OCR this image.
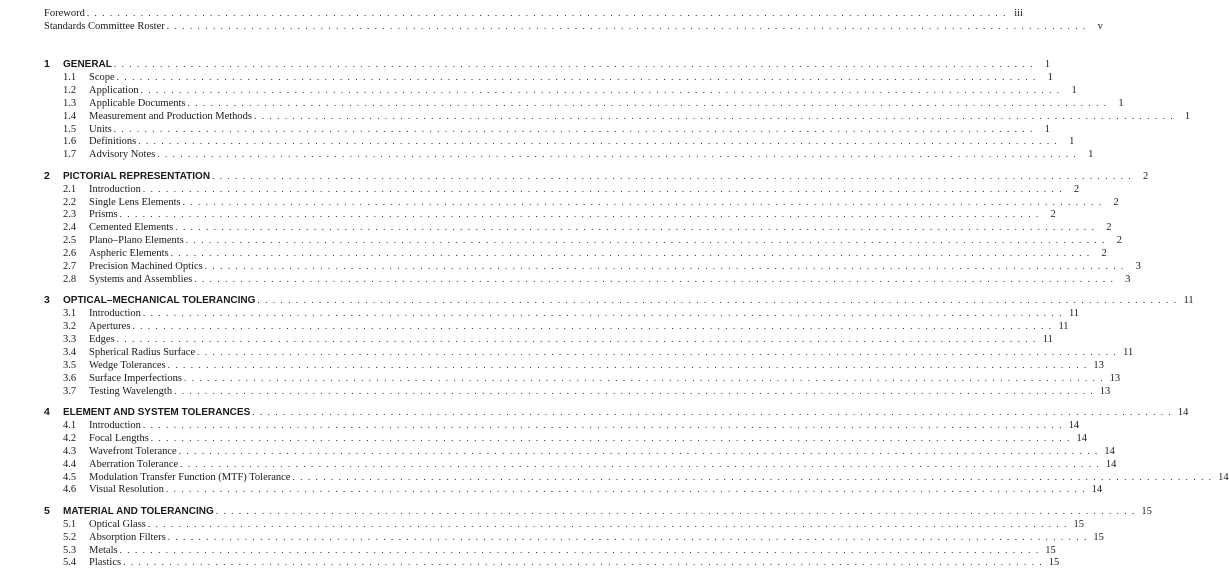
Foreword . . . . . . . . . . . . . . . . . . . . . . . . . . . . . . . . . . . . . . . . . . . . . . . . . . . . . . . . . . . . . . . . . . . . . . . . . . . . . . . . . . . . . . . . . . . . . . . . . . . . . . . . . . . . . . . . . . . . . . . . iii
Standards Committee Roster . . . . . . . . . . . . . . . . . . . . . . . . . . . . . . . . . . . . . . . . . . . . . . . . . . . . . . . . . . . . . . . . . . . . . . . . . . . . . . . . . . . . . . . . . . . . . . . . . . . . . . . . . . . . . . . . . . . . . . . .	v
1 GENERAL . . . . . . . . . . . . . . . . . . . . . . . . . . . . . . . . . . . . . . . . . . . . . . . . . . . . . . . . . . . . . . . . . . . . . . . . . . . . . . . . . . . . . . . . . . . . . . . . . . . . . . . . . . . . . . . . . . . . . . . .	1
1.1 Scope . . . . . . . . . . . . . . . . . . . . . . . . . . . . . . . . . . . . . . . . . . . . . . . . . . . . . . . . . . . . . . . . . . . . . . . . . . . . . . . . . . . . . . . . . . . . . . . . . . . . . . . . . . . . . . . . . . . . . . . .	1
1.2 Application . . . . . . . . . . . . . . . . . . . . . . . . . . . . . . . . . . . . . . . . . . . . . . . . . . . . . . . . . . . . . . . . . . . . . . . . . . . . . . . . . . . . . . . . . . . . . . . . . . . . . . . . . . . . . . . . . . . . . . . .	1
1.3 Applicable Documents . . . . . . . . . . . . . . . . . . . . . . . . . . . . . . . . . . . . . . . . . . . . . . . . . . . . . . . . . . . . . . . . . . . . . . . . . . . . . . . . . . . . . . . . . . . . . . . . . . . . . . . . . . . . . . . . . . . . . . . .	1
1.4 Measurement and Production Methods . . . . . . . . . . . . . . . . . . . . . . . . . . . . . . . . . . . . . . . . . . . . . . . . . . . . . . . . . . . . . . . . . . . . . . . . . . . . . . . . . . . . . . . . . . . . . . . . . . . . . . . . . . . . . . . . . . . . . . . .	1
1.5 Units . . . . . . . . . . . . . . . . . . . . . . . . . . . . . . . . . . . . . . . . . . . . . . . . . . . . . . . . . . . . . . . . . . . . . . . . . . . . . . . . . . . . . . . . . . . . . . . . . . . . . . . . . . . . . . . . . . . . . . . .	1
1.6 Definitions . . . . . . . . . . . . . . . . . . . . . . . . . . . . . . . . . . . . . . . . . . . . . . . . . . . . . . . . . . . . . . . . . . . . . . . . . . . . . . . . . . . . . . . . . . . . . . . . . . . . . . . . . . . . . . . . . . . . . . . .	1
1.7 Advisory Notes . . . . . . . . . . . . . . . . . . . . . . . . . . . . . . . . . . . . . . . . . . . . . . . . . . . . . . . . . . . . . . . . . . . . . . . . . . . . . . . . . . . . . . . . . . . . . . . . . . . . . . . . . . . . . . . . . . . . . . . .	1
2 PICTORIAL REPRESENTATION . . . . . . . . . . . . . . . . . . . . . . . . . . . . . . . . . . . . . . . . . . . . . . . . . . . . . . . . . . . . . . . . . . . . . . . . . . . . . . . . . . . . . . . . . . . . . . . . . . . . . . . . . . . . . . . . . . . . . . . .	2
2.1 Introduction . . . . . . . . . . . . . . . . . . . . . . . . . . . . . . . . . . . . . . . . . . . . . . . . . . . . . . . . . . . . . . . . . . . . . . . . . . . . . . . . . . . . . . . . . . . . . . . . . . . . . . . . . . . . . . . . . . . . . . . .	2
2.2 Single Lens Elements . . . . . . . . . . . . . . . . . . . . . . . . . . . . . . . . . . . . . . . . . . . . . . . . . . . . . . . . . . . . . . . . . . . . . . . . . . . . . . . . . . . . . . . . . . . . . . . . . . . . . . . . . . . . . . . . . . . . . . . .	2
2.3 Prisms . . . . . . . . . . . . . . . . . . . . . . . . . . . . . . . . . . . . . . . . . . . . . . . . . . . . . . . . . . . . . . . . . . . . . . . . . . . . . . . . . . . . . . . . . . . . . . . . . . . . . . . . . . . . . . . . . . . . . . . .	2
2.4 Cemented Elements . . . . . . . . . . . . . . . . . . . . . . . . . . . . . . . . . . . . . . . . . . . . . . . . . . . . . . . . . . . . . . . . . . . . . . . . . . . . . . . . . . . . . . . . . . . . . . . . . . . . . . . . . . . . . . . . . . . . . . . .	2
2.5 Plano–Plano Elements . . . . . . . . . . . . . . . . . . . . . . . . . . . . . . . . . . . . . . . . . . . . . . . . . . . . . . . . . . . . . . . . . . . . . . . . . . . . . . . . . . . . . . . . . . . . . . . . . . . . . . . . . . . . . . . . . . . . . . . .	2
2.6 Aspheric Elements . . . . . . . . . . . . . . . . . . . . . . . . . . . . . . . . . . . . . . . . . . . . . . . . . . . . . . . . . . . . . . . . . . . . . . . . . . . . . . . . . . . . . . . . . . . . . . . . . . . . . . . . . . . . . . . . . . . . . . . .	2
2.7 Precision Machined Optics . . . . . . . . . . . . . . . . . . . . . . . . . . . . . . . . . . . . . . . . . . . . . . . . . . . . . . . . . . . . . . . . . . . . . . . . . . . . . . . . . . . . . . . . . . . . . . . . . . . . . . . . . . . . . . . . . . . . . . . .	3
2.8 Systems and Assemblies . . . . . . . . . . . . . . . . . . . . . . . . . . . . . . . . . . . . . . . . . . . . . . . . . . . . . . . . . . . . . . . . . . . . . . . . . . . . . . . . . . . . . . . . . . . . . . . . . . . . . . . . . . . . . . . . . . . . . . . .	3
3 OPTICAL–MECHANICAL TOLERANCING . . . . . . . . . . . . . . . . . . . . . . . . . . . . . . . . . . . . . . . . . . . . . . . . . . . . . . . . . . . . . . . . . . . . . . . . . . . . . . . . . . . . . . . . . . . . . . . . . . . . . . . . . . . . . . . . . . . . . . . . 11
3.1 Introduction . . . . . . . . . . . . . . . . . . . . . . . . . . . . . . . . . . . . . . . . . . . . . . . . . . . . . . . . . . . . . . . . . . . . . . . . . . . . . . . . . . . . . . . . . . . . . . . . . . . . . . . . . . . . . . . . . . . . . . . . 11
3.2 Apertures . . . . . . . . . . . . . . . . . . . . . . . . . . . . . . . . . . . . . . . . . . . . . . . . . . . . . . . . . . . . . . . . . . . . . . . . . . . . . . . . . . . . . . . . . . . . . . . . . . . . . . . . . . . . . . . . . . . . . . . . 11
3.3 Edges . . . . . . . . . . . . . . . . . . . . . . . . . . . . . . . . . . . . . . . . . . . . . . . . . . . . . . . . . . . . . . . . . . . . . . . . . . . . . . . . . . . . . . . . . . . . . . . . . . . . . . . . . . . . . . . . . . . . . . . . 11
3.4 Spherical Radius Surface . . . . . . . . . . . . . . . . . . . . . . . . . . . . . . . . . . . . . . . . . . . . . . . . . . . . . . . . . . . . . . . . . . . . . . . . . . . . . . . . . . . . . . . . . . . . . . . . . . . . . . . . . . . . . . . . . . . . . . . . 11
3.5 Wedge Tolerances . . . . . . . . . . . . . . . . . . . . . . . . . . . . . . . . . . . . . . . . . . . . . . . . . . . . . . . . . . . . . . . . . . . . . . . . . . . . . . . . . . . . . . . . . . . . . . . . . . . . . . . . . . . . . . . . . . . . . . . . 13
3.6 Surface Imperfections . . . . . . . . . . . . . . . . . . . . . . . . . . . . . . . . . . . . . . . . . . . . . . . . . . . . . . . . . . . . . . . . . . . . . . . . . . . . . . . . . . . . . . . . . . . . . . . . . . . . . . . . . . . . . . . . . . . . . . . . 13
3.7 Testing Wavelength . . . . . . . . . . . . . . . . . . . . . . . . . . . . . . . . . . . . . . . . . . . . . . . . . . . . . . . . . . . . . . . . . . . . . . . . . . . . . . . . . . . . . . . . . . . . . . . . . . . . . . . . . . . . . . . . . . . . . . . . 13
4 ELEMENT AND SYSTEM TOLERANCES . . . . . . . . . . . . . . . . . . . . . . . . . . . . . . . . . . . . . . . . . . . . . . . . . . . . . . . . . . . . . . . . . . . . . . . . . . . . . . . . . . . . . . . . . . . . . . . . . . . . . . . . . . . . . . . . . . . . . . . . 14
4.1 Introduction . . . . . . . . . . . . . . . . . . . . . . . . . . . . . . . . . . . . . . . . . . . . . . . . . . . . . . . . . . . . . . . . . . . . . . . . . . . . . . . . . . . . . . . . . . . . . . . . . . . . . . . . . . . . . . . . . . . . . . . . 14
4.2 Focal Lengths . . . . . . . . . . . . . . . . . . . . . . . . . . . . . . . . . . . . . . . . . . . . . . . . . . . . . . . . . . . . . . . . . . . . . . . . . . . . . . . . . . . . . . . . . . . . . . . . . . . . . . . . . . . . . . . . . . . . . . . . 14
4.3 Wavefront Tolerance . . . . . . . . . . . . . . . . . . . . . . . . . . . . . . . . . . . . . . . . . . . . . . . . . . . . . . . . . . . . . . . . . . . . . . . . . . . . . . . . . . . . . . . . . . . . . . . . . . . . . . . . . . . . . . . . . . . . . . . . 14
4.4 Aberration Tolerance . . . . . . . . . . . . . . . . . . . . . . . . . . . . . . . . . . . . . . . . . . . . . . . . . . . . . . . . . . . . . . . . . . . . . . . . . . . . . . . . . . . . . . . . . . . . . . . . . . . . . . . . . . . . . . . . . . . . . . . . 14
4.5 Modulation Transfer Function (MTF) Tolerance . . . . . . . . . . . . . . . . . . . . . . . . . . . . . . . . . . . . . . . . . . . . . . . . . . . . . . . . . . . . . . . . . . . . . . . . . . . . . . . . . . . . . . . . . . . . . . . . . . . . . . . . . . . . . . . . . . . . . . . . 14
4.6 Visual Resolution . . . . . . . . . . . . . . . . . . . . . . . . . . . . . . . . . . . . . . . . . . . . . . . . . . . . . . . . . . . . . . . . . . . . . . . . . . . . . . . . . . . . . . . . . . . . . . . . . . . . . . . . . . . . . . . . . . . . . . . . 14
5 MATERIAL AND TOLERANCING . . . . . . . . . . . . . . . . . . . . . . . . . . . . . . . . . . . . . . . . . . . . . . . . . . . . . . . . . . . . . . . . . . . . . . . . . . . . . . . . . . . . . . . . . . . . . . . . . . . . . . . . . . . . . . . . . . . . . . . . 15
5.1 Optical Glass . . . . . . . . . . . . . . . . . . . . . . . . . . . . . . . . . . . . . . . . . . . . . . . . . . . . . . . . . . . . . . . . . . . . . . . . . . . . . . . . . . . . . . . . . . . . . . . . . . . . . . . . . . . . . . . . . . . . . . . . 15
5.2 Absorption Filters . . . . . . . . . . . . . . . . . . . . . . . . . . . . . . . . . . . . . . . . . . . . . . . . . . . . . . . . . . . . . . . . . . . . . . . . . . . . . . . . . . . . . . . . . . . . . . . . . . . . . . . . . . . . . . . . . . . . . . . . 15
5.3 Metals . . . . . . . . . . . . . . . . . . . . . . . . . . . . . . . . . . . . . . . . . . . . . . . . . . . . . . . . . . . . . . . . . . . . . . . . . . . . . . . . . . . . . . . . . . . . . . . . . . . . . . . . . . . . . . . . . . . . . . . . 15
5.4 Plastics . . . . . . . . . . . . . . . . . . . . . . . . . . . . . . . . . . . . . . . . . . . . . . . . . . . . . . . . . . . . . . . . . . . . . . . . . . . . . . . . . . . . . . . . . . . . . . . . . . . . . . . . . . . . . . . . . . . . . . . . 15
